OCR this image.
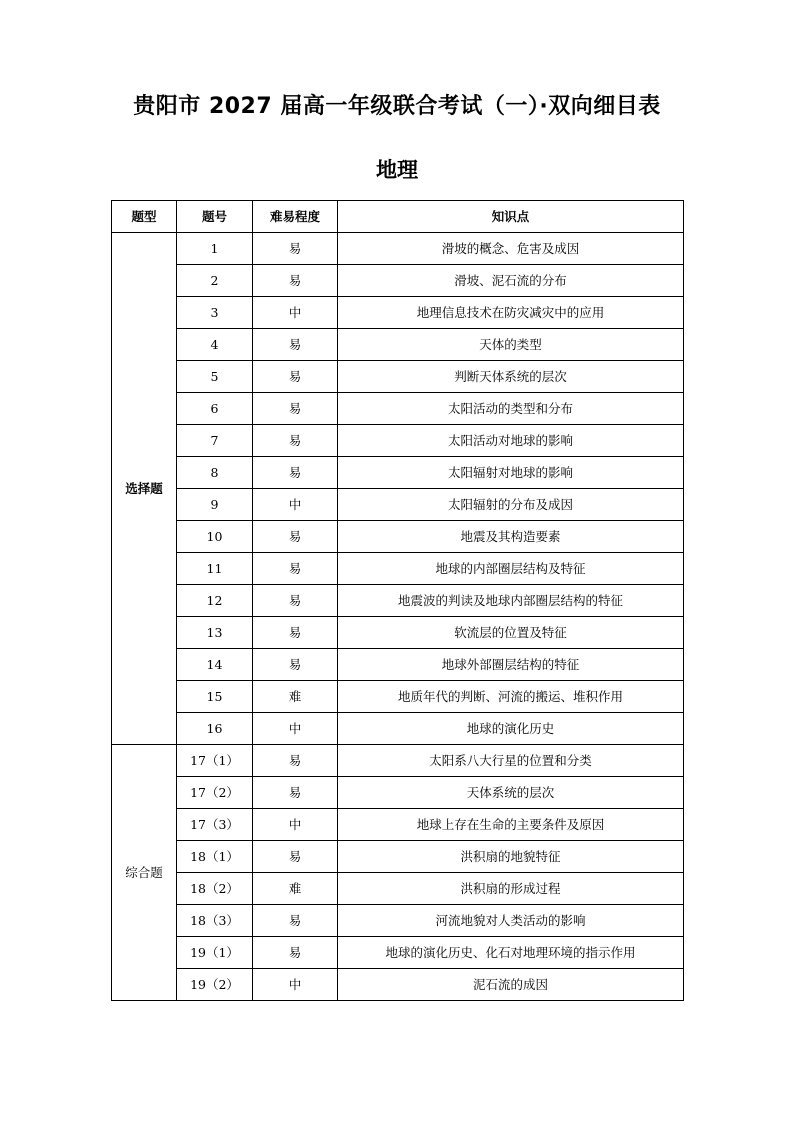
贵阳市 2027 届高一年级联合考试（一）·双向细目表
地理
题型	题号	难易程度	知识点
选择题	1	易	滑坡的概念、危害及成因
	2	易	滑坡、泥石流的分布
	3	中	地理信息技术在防灾减灾中的应用
	4	易	天体的类型
	5	易	判断天体系统的层次
	6	易	太阳活动的类型和分布
	7	易	太阳活动对地球的影响
	8	易	太阳辐射对地球的影响
	9	中	太阳辐射的分布及成因
	10	易	地震及其构造要素
	11	易	地球的内部圈层结构及特征
	12	易	地震波的判读及地球内部圈层结构的特征
	13	易	软流层的位置及特征
	14	易	地球外部圈层结构的特征
	15	难	地质年代的判断、河流的搬运、堆积作用
	16	中	地球的演化历史
综合题	17（1）	易	太阳系八大行星的位置和分类
	17（2）	易	天体系统的层次
	17（3）	中	地球上存在生命的主要条件及原因
	18（1）	易	洪积扇的地貌特征
	18（2）	难	洪积扇的形成过程
	18（3）	易	河流地貌对人类活动的影响
	19（1）	易	地球的演化历史、化石对地理环境的指示作用
	19（2）	中	泥石流的成因
